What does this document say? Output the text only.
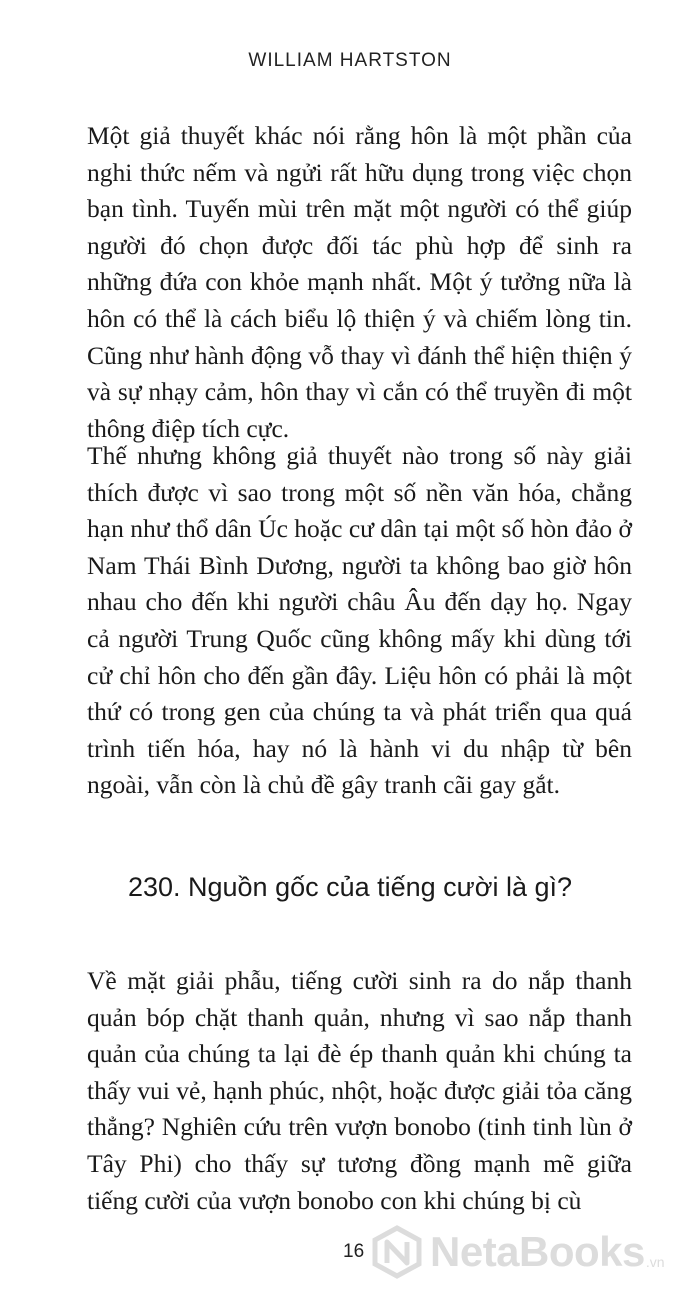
WILLIAM HARTSTON

Một giả thuyết khác nói rằng hôn là một phần của nghi thức nếm và ngửi rất hữu dụng trong việc chọn bạn tình. Tuyến mùi trên mặt một người có thể giúp người đó chọn được đối tác phù hợp để sinh ra những đứa con khỏe mạnh nhất. Một ý tưởng nữa là hôn có thể là cách biểu lộ thiện ý và chiếm lòng tin. Cũng như hành động vỗ thay vì đánh thể hiện thiện ý và sự nhạy cảm, hôn thay vì cắn có thể truyền đi một thông điệp tích cực.

Thế nhưng không giả thuyết nào trong số này giải thích được vì sao trong một số nền văn hóa, chẳng hạn như thổ dân Úc hoặc cư dân tại một số hòn đảo ở Nam Thái Bình Dương, người ta không bao giờ hôn nhau cho đến khi người châu Âu đến dạy họ. Ngay cả người Trung Quốc cũng không mấy khi dùng tới cử chỉ hôn cho đến gần đây. Liệu hôn có phải là một thứ có trong gen của chúng ta và phát triển qua quá trình tiến hóa, hay nó là hành vi du nhập từ bên ngoài, vẫn còn là chủ đề gây tranh cãi gay gắt.

230. Nguồn gốc của tiếng cười là gì?

Về mặt giải phẫu, tiếng cười sinh ra do nắp thanh quản bóp chặt thanh quản, nhưng vì sao nắp thanh quản của chúng ta lại đè ép thanh quản khi chúng ta thấy vui vẻ, hạnh phúc, nhột, hoặc được giải tỏa căng thẳng? Nghiên cứu trên vượn bonobo (tinh tinh lùn ở Tây Phi) cho thấy sự tương đồng mạnh mẽ giữa tiếng cười của vượn bonobo con khi chúng bị cù

16 NetaBooks .vn
